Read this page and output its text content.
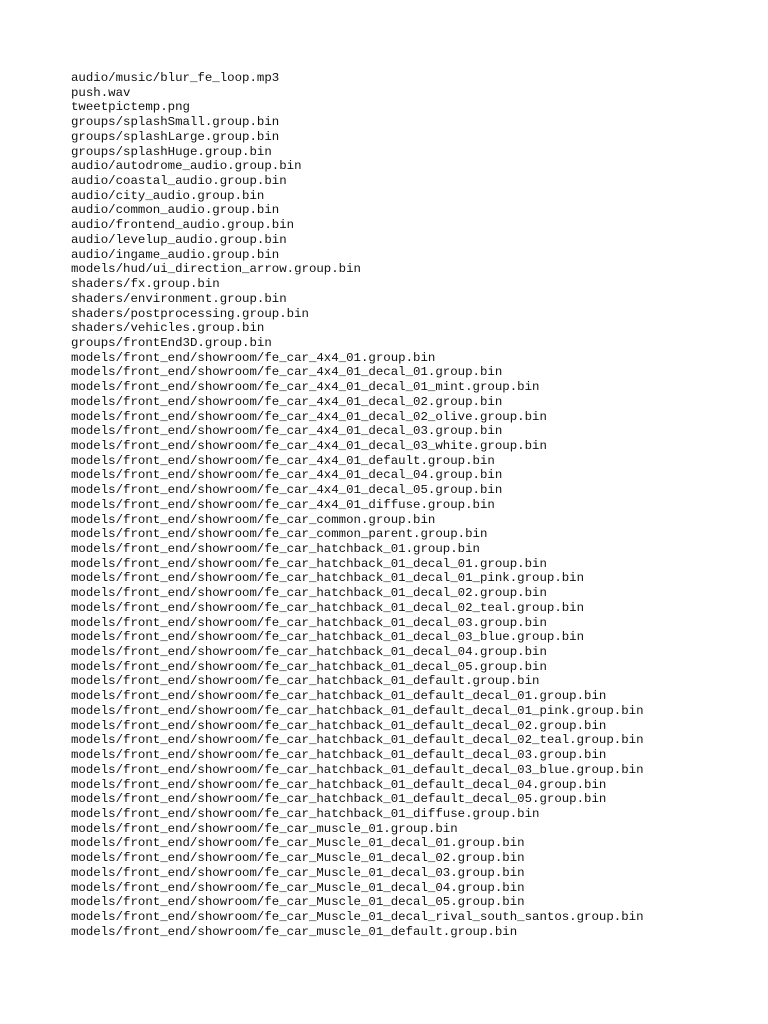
audio/music/blur_fe_loop.mp3
push.wav
tweetpictemp.png
groups/splashSmall.group.bin
groups/splashLarge.group.bin
groups/splashHuge.group.bin
audio/autodrome_audio.group.bin
audio/coastal_audio.group.bin
audio/city_audio.group.bin
audio/common_audio.group.bin
audio/frontend_audio.group.bin
audio/levelup_audio.group.bin
audio/ingame_audio.group.bin
models/hud/ui_direction_arrow.group.bin
shaders/fx.group.bin
shaders/environment.group.bin
shaders/postprocessing.group.bin
shaders/vehicles.group.bin
groups/frontEnd3D.group.bin
models/front_end/showroom/fe_car_4x4_01.group.bin
models/front_end/showroom/fe_car_4x4_01_decal_01.group.bin
models/front_end/showroom/fe_car_4x4_01_decal_01_mint.group.bin
models/front_end/showroom/fe_car_4x4_01_decal_02.group.bin
models/front_end/showroom/fe_car_4x4_01_decal_02_olive.group.bin
models/front_end/showroom/fe_car_4x4_01_decal_03.group.bin
models/front_end/showroom/fe_car_4x4_01_decal_03_white.group.bin
models/front_end/showroom/fe_car_4x4_01_default.group.bin
models/front_end/showroom/fe_car_4x4_01_decal_04.group.bin
models/front_end/showroom/fe_car_4x4_01_decal_05.group.bin
models/front_end/showroom/fe_car_4x4_01_diffuse.group.bin
models/front_end/showroom/fe_car_common.group.bin
models/front_end/showroom/fe_car_common_parent.group.bin
models/front_end/showroom/fe_car_hatchback_01.group.bin
models/front_end/showroom/fe_car_hatchback_01_decal_01.group.bin
models/front_end/showroom/fe_car_hatchback_01_decal_01_pink.group.bin
models/front_end/showroom/fe_car_hatchback_01_decal_02.group.bin
models/front_end/showroom/fe_car_hatchback_01_decal_02_teal.group.bin
models/front_end/showroom/fe_car_hatchback_01_decal_03.group.bin
models/front_end/showroom/fe_car_hatchback_01_decal_03_blue.group.bin
models/front_end/showroom/fe_car_hatchback_01_decal_04.group.bin
models/front_end/showroom/fe_car_hatchback_01_decal_05.group.bin
models/front_end/showroom/fe_car_hatchback_01_default.group.bin
models/front_end/showroom/fe_car_hatchback_01_default_decal_01.group.bin
models/front_end/showroom/fe_car_hatchback_01_default_decal_01_pink.group.bin
models/front_end/showroom/fe_car_hatchback_01_default_decal_02.group.bin
models/front_end/showroom/fe_car_hatchback_01_default_decal_02_teal.group.bin
models/front_end/showroom/fe_car_hatchback_01_default_decal_03.group.bin
models/front_end/showroom/fe_car_hatchback_01_default_decal_03_blue.group.bin
models/front_end/showroom/fe_car_hatchback_01_default_decal_04.group.bin
models/front_end/showroom/fe_car_hatchback_01_default_decal_05.group.bin
models/front_end/showroom/fe_car_hatchback_01_diffuse.group.bin
models/front_end/showroom/fe_car_muscle_01.group.bin
models/front_end/showroom/fe_car_Muscle_01_decal_01.group.bin
models/front_end/showroom/fe_car_Muscle_01_decal_02.group.bin
models/front_end/showroom/fe_car_Muscle_01_decal_03.group.bin
models/front_end/showroom/fe_car_Muscle_01_decal_04.group.bin
models/front_end/showroom/fe_car_Muscle_01_decal_05.group.bin
models/front_end/showroom/fe_car_Muscle_01_decal_rival_south_santos.group.bin
models/front_end/showroom/fe_car_muscle_01_default.group.bin
